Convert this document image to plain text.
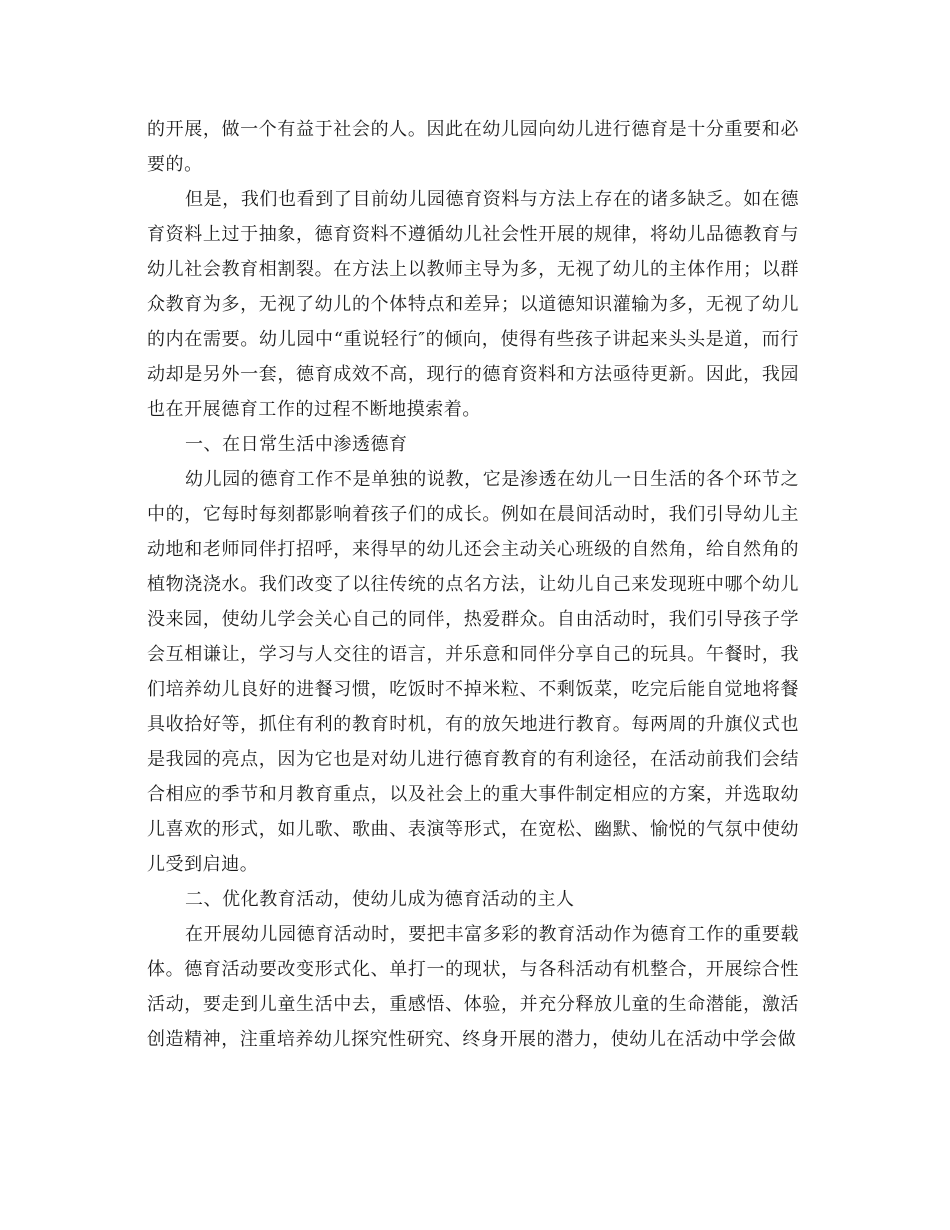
的开展，做一个有益于社会的人。因此在幼儿园向幼儿进行德育是十分重要和必要的。

但是，我们也看到了目前幼儿园德育资料与方法上存在的诸多缺乏。如在德育资料上过于抽象，德育资料不遵循幼儿社会性开展的规律，将幼儿品德教育与幼儿社会教育相割裂。在方法上以教师主导为多，无视了幼儿的主体作用；以群众教育为多，无视了幼儿的个体特点和差异；以道德知识灌输为多，无视了幼儿的内在需要。幼儿园中“重说轻行″的倾向，使得有些孩子讲起来头头是道，而行动却是另外一套，德育成效不高，现行的德育资料和方法亟待更新。因此，我园也在开展德育工作的过程不断地摸索着。

一、在日常生活中渗透德育

幼儿园的德育工作不是单独的说教，它是渗透在幼儿一日生活的各个环节之中的，它每时每刻都影响着孩子们的成长。例如在晨间活动时，我们引导幼儿主动地和老师同伴打招呼，来得早的幼儿还会主动关心班级的自然角，给自然角的植物浇浇水。我们改变了以往传统的点名方法，让幼儿自己来发现班中哪个幼儿没来园，使幼儿学会关心自己的同伴，热爱群众。自由活动时，我们引导孩子学会互相谦让，学习与人交往的语言，并乐意和同伴分享自己的玩具。午餐时，我们培养幼儿良好的进餐习惯，吃饭时不掉米粒、不剩饭菜，吃完后能自觉地将餐具收拾好等，抓住有利的教育时机，有的放矢地进行教育。每两周的升旗仪式也是我园的亮点，因为它也是对幼儿进行德育教育的有利途径，在活动前我们会结合相应的季节和月教育重点，以及社会上的重大事件制定相应的方案，并选取幼儿喜欢的形式，如儿歌、歌曲、表演等形式，在宽松、幽默、愉悦的气氛中使幼儿受到启迪。

二、优化教育活动，使幼儿成为德育活动的主人

在开展幼儿园德育活动时，要把丰富多彩的教育活动作为德育工作的重要载体。德育活动要改变形式化、单打一的现状，与各科活动有机整合，开展综合性活动，要走到儿童生活中去，重感悟、体验，并充分释放儿童的生命潜能，激活创造精神，注重培养幼儿探究性研究、终身开展的潜力，使幼儿在活动中学会做
